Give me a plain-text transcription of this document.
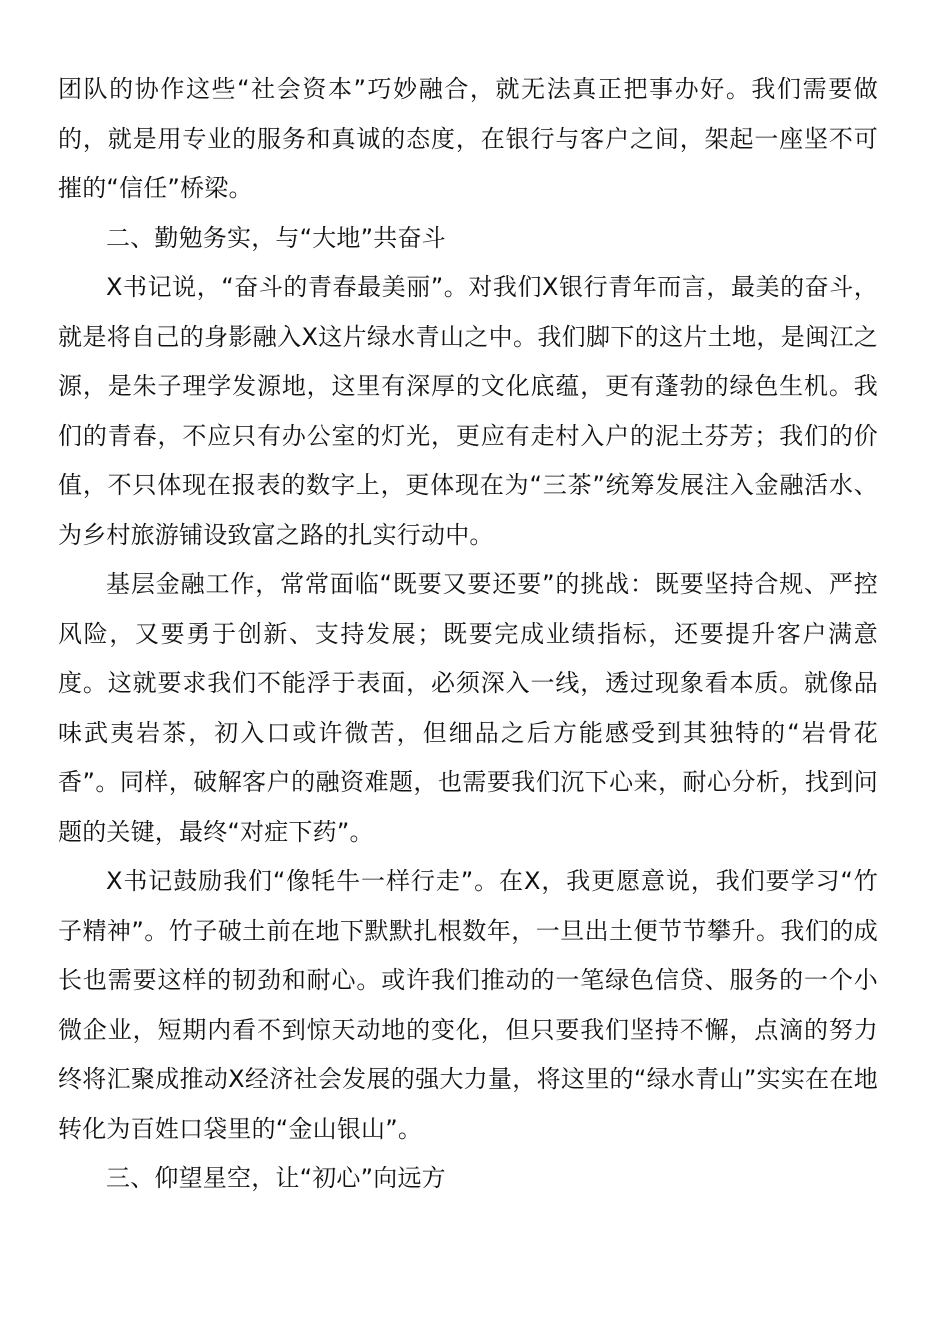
团队的协作这些“社会资本”巧妙融合，就无法真正把事办好。我们需要做的，就是用专业的服务和真诚的态度，在银行与客户之间，架起一座坚不可摧的“信任”桥梁。

二、勤勉务实，与“大地”共奋斗

X书记说，“奋斗的青春最美丽”。对我们X银行青年而言，最美的奋斗，就是将自己的身影融入X这片绿水青山之中。我们脚下的这片土地，是闽江之源，是朱子理学发源地，这里有深厚的文化底蕴，更有蓬勃的绿色生机。我们的青春，不应只有办公室的灯光，更应有走村入户的泥土芬芳；我们的价值，不只体现在报表的数字上，更体现在为“三茶”统筹发展注入金融活水、为乡村旅游铺设致富之路的扎实行动中。

基层金融工作，常常面临“既要又要还要”的挑战：既要坚持合规、严控风险，又要勇于创新、支持发展；既要完成业绩指标，还要提升客户满意度。这就要求我们不能浮于表面，必须深入一线，透过现象看本质。就像品味武夷岩茶，初入口或许微苦，但细品之后方能感受到其独特的“岩骨花香”。同样，破解客户的融资难题，也需要我们沉下心来，耐心分析，找到问题的关键，最终“对症下药”。

X书记鼓励我们“像牦牛一样行走”。在X，我更愿意说，我们要学习“竹子精神”。竹子破土前在地下默默扎根数年，一旦出土便节节攀升。我们的成长也需要这样的韧劲和耐心。或许我们推动的一笔绿色信贷、服务的一个小微企业，短期内看不到惊天动地的变化，但只要我们坚持不懈，点滴的努力终将汇聚成推动X经济社会发展的强大力量，将这里的“绿水青山”实实在在地转化为百姓口袋里的“金山银山”。

三、仰望星空，让“初心”向远方
